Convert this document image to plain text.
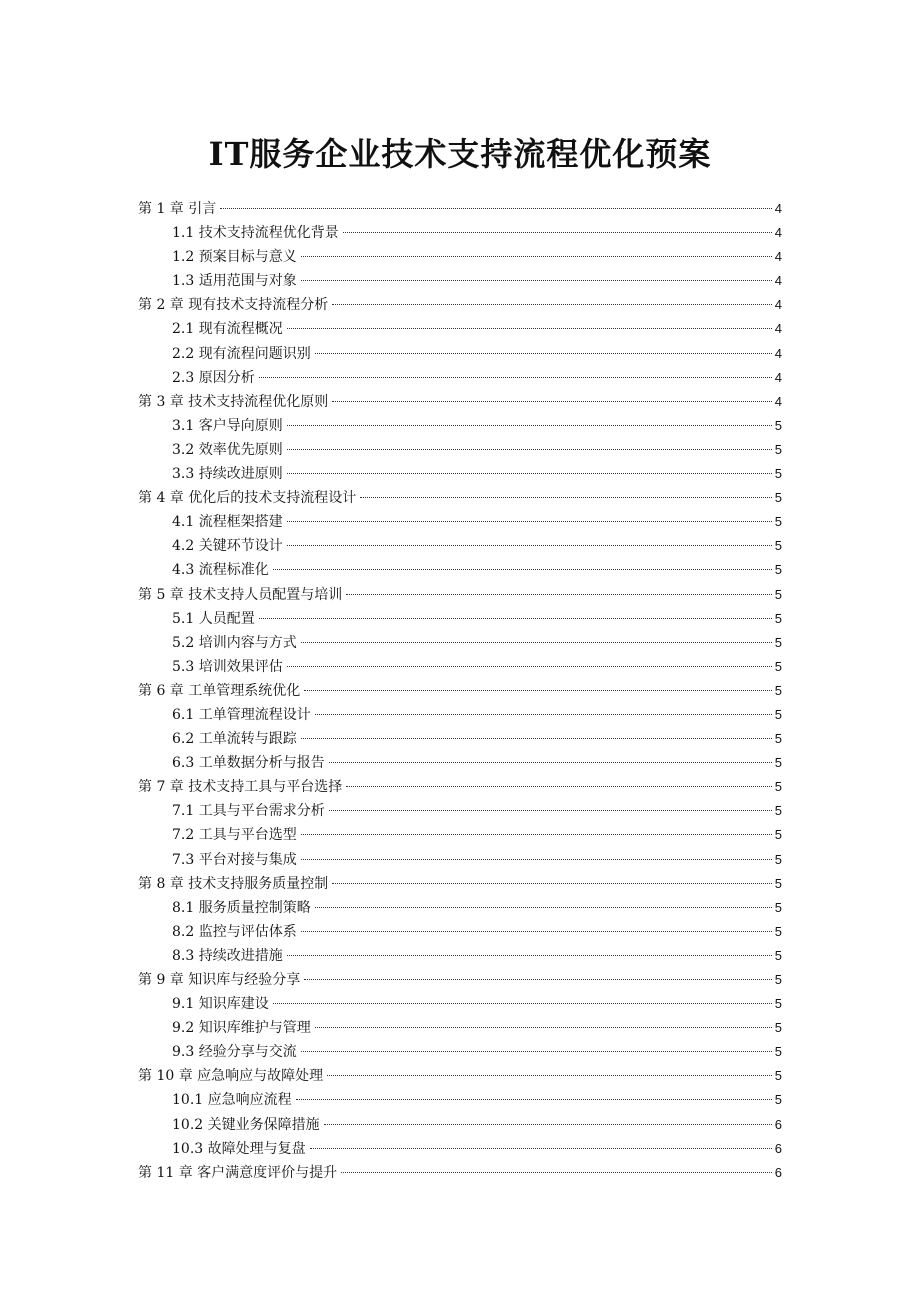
IT服务企业技术支持流程优化预案
第 1 章 引言	4
1.1 技术支持流程优化背景	4
1.2 预案目标与意义	4
1.3 适用范围与对象	4
第 2 章 现有技术支持流程分析	4
2.1 现有流程概况	4
2.2 现有流程问题识别	4
2.3 原因分析	4
第 3 章 技术支持流程优化原则	4
3.1 客户导向原则	5
3.2 效率优先原则	5
3.3 持续改进原则	5
第 4 章 优化后的技术支持流程设计	5
4.1 流程框架搭建	5
4.2 关键环节设计	5
4.3 流程标准化	5
第 5 章 技术支持人员配置与培训	5
5.1 人员配置	5
5.2 培训内容与方式	5
5.3 培训效果评估	5
第 6 章 工单管理系统优化	5
6.1 工单管理流程设计	5
6.2 工单流转与跟踪	5
6.3 工单数据分析与报告	5
第 7 章 技术支持工具与平台选择	5
7.1 工具与平台需求分析	5
7.2 工具与平台选型	5
7.3 平台对接与集成	5
第 8 章 技术支持服务质量控制	5
8.1 服务质量控制策略	5
8.2 监控与评估体系	5
8.3 持续改进措施	5
第 9 章 知识库与经验分享	5
9.1 知识库建设	5
9.2 知识库维护与管理	5
9.3 经验分享与交流	5
第 10 章 应急响应与故障处理	5
10.1 应急响应流程	5
10.2 关键业务保障措施	6
10.3 故障处理与复盘	6
第 11 章 客户满意度评价与提升	6
